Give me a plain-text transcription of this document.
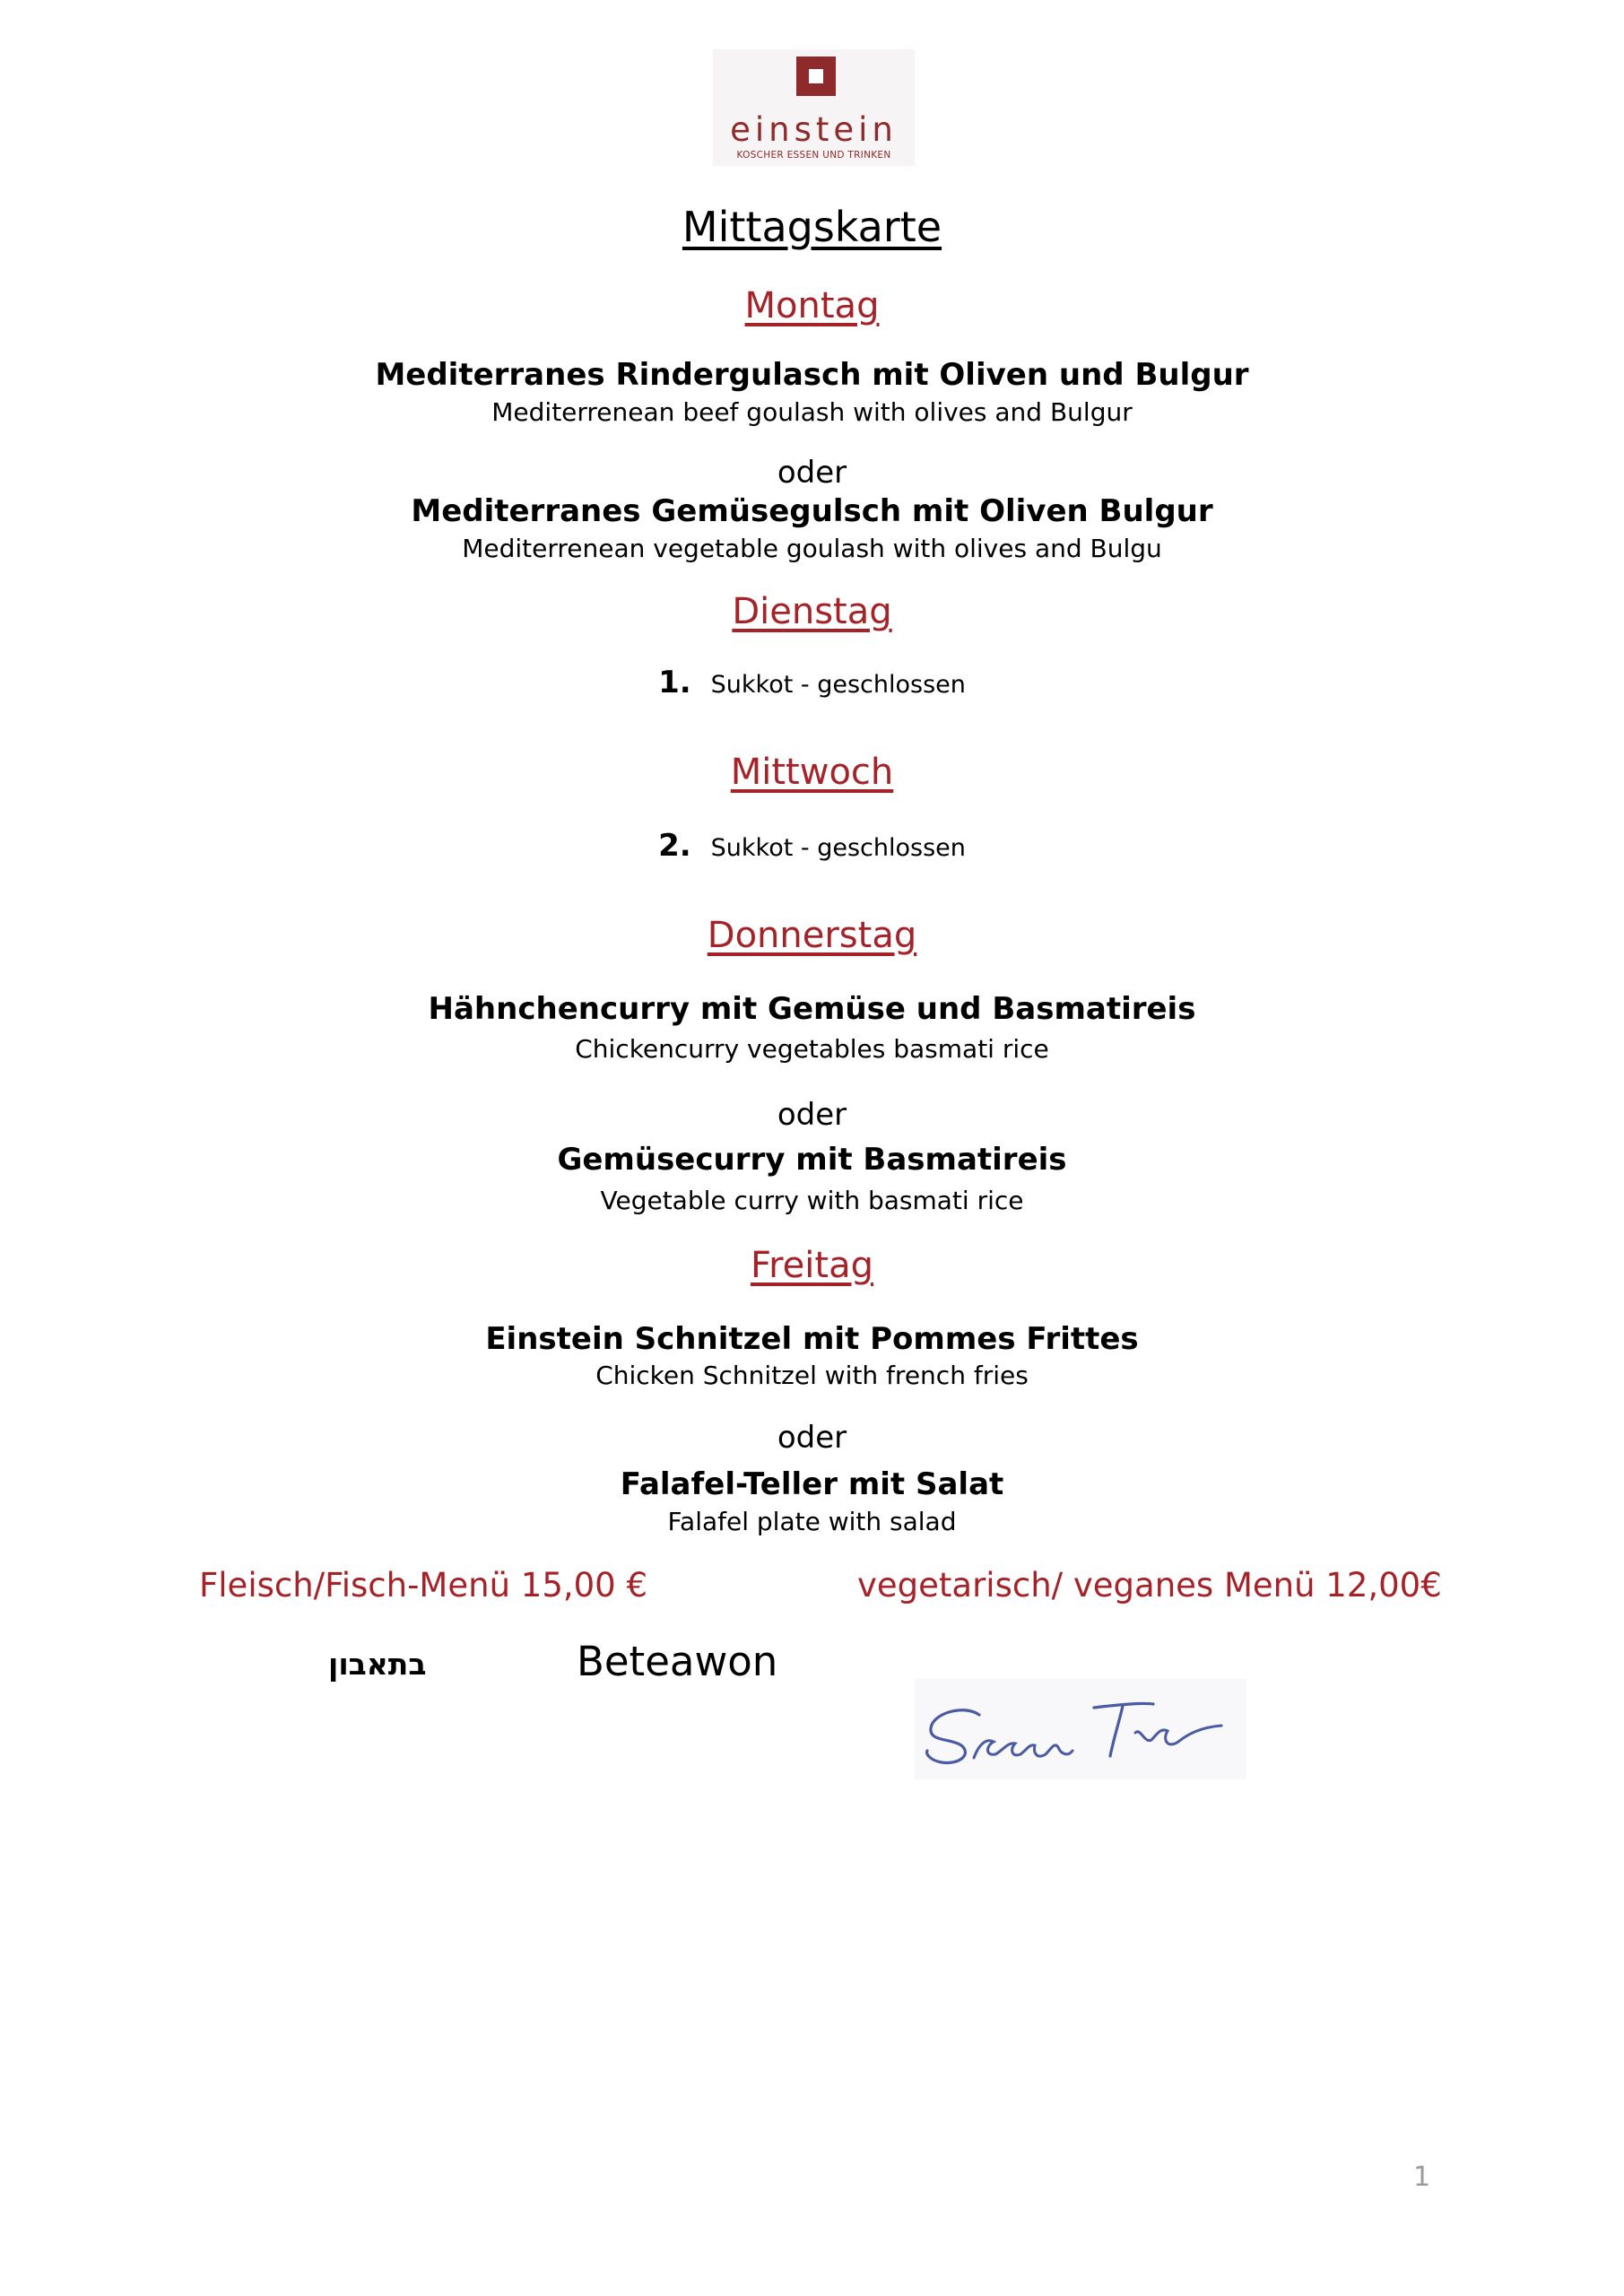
einstein
KOSCHER ESSEN UND TRINKEN
Mittagskarte
Montag
Mediterranes Rindergulasch mit Oliven und Bulgur
Mediterrenean beef goulash with olives and Bulgur
oder
Mediterranes Gemüsegulsch mit Oliven Bulgur
Mediterrenean vegetable goulash with olives and Bulgu
Dienstag
1. Sukkot - geschlossen
Mittwoch
2. Sukkot - geschlossen
Donnerstag
Hähnchencurry mit Gemüse und Basmatireis
Chickencurry vegetables basmati rice
oder
Gemüsecurry mit Basmatireis
Vegetable curry with basmati rice
Freitag
Einstein Schnitzel mit Pommes Frittes
Chicken Schnitzel with french fries
oder
Falafel-Teller mit Salat
Falafel plate with salad
Fleisch/Fisch-Menü 15,00 €	vegetarisch/ veganes Menü 12,00€
בתאבון	Beteawon
1
